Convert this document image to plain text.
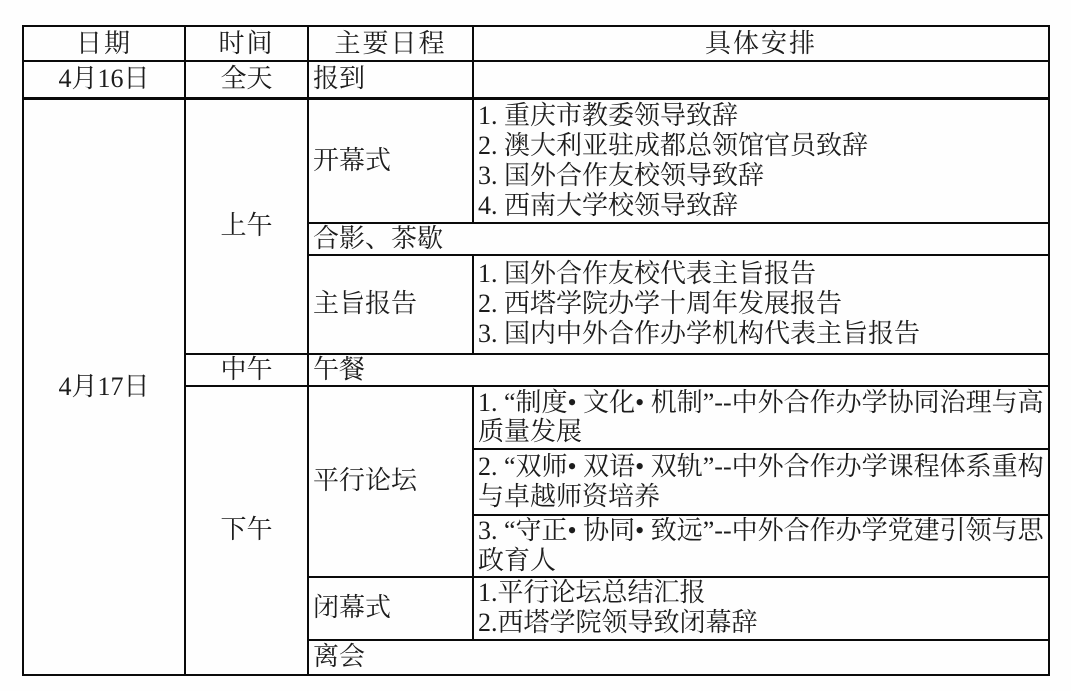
日期	时间	主要日程	具体安排
4月16日	全天	报到	
4月17日	上午	开幕式	1. 重庆市教委领导致辞
2. 澳大利亚驻成都总领馆官员致辞
3. 国外合作友校领导致辞
4. 西南大学校领导致辞

		合影、茶歇	
		主旨报告	1. 国外合作友校代表主旨报告
2. 西塔学院办学十周年发展报告
3. 国内中外合作办学机构代表主旨报告

	中午	午餐	
	下午	平行论坛	1. “制度• 文化• 机制”--中外合作办学协同治理与高质量发展
			2. “双师• 双语• 双轨”--中外合作办学课程体系重构与卓越师资培养
			3. “守正• 协同• 致远”--中外合作办学党建引领与思政育人
		闭幕式	1.平行论坛总结汇报
2.西塔学院领导致闭幕辞

		离会	
